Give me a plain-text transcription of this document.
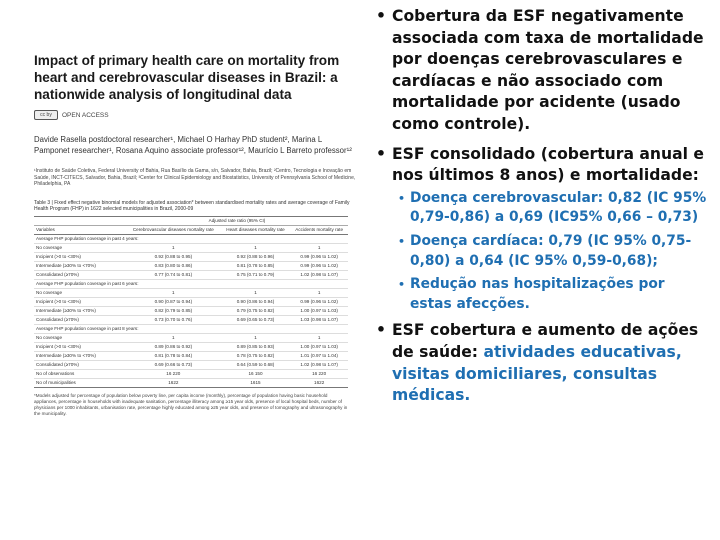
Impact of primary health care on mortality from heart and cerebrovascular diseases in Brazil: a nationwide analysis of longitudinal data
cc by	OPEN ACCESS
Davide Rasella postdoctoral researcher¹, Michael O Harhay PhD student², Marina L Pamponet researcher¹, Rosana Aquino associate professor¹², Maurício L Barreto professor¹²
¹Instituto de Saúde Coletiva, Federal University of Bahia, Rua Basílio da Gama, s/n, Salvador, Bahia, Brazil; ²Centro, Tecnologia e Inovação em Saúde, INCT-CITECS, Salvador, Bahia, Brazil; ³Center for Clinical Epidemiology and Biostatistics, University of Pennsylvania School of Medicine, Philadelphia, PA
Table 3 | Fixed effect negative binomial models for adjusted association* between standardised mortality rates and average coverage of Family Health Program (FHP) in 1622 selected municipalities in Brazil, 2000-09
	Adjusted rate ratio (95% CI)		
Variables	Cerebrovascular diseases mortality rate	Heart diseases mortality rate	Accidents mortality rate
Average FHP population coverage in past 4 years:			
No coverage	1	1	1
Incipient (>0 to <30%)	0.92 (0.88 to 0.95)	0.92 (0.88 to 0.96)	0.99 (0.96 to 1.02)
Intermediate (≥30% to <70%)	0.83 (0.80 to 0.86)	0.81 (0.78 to 0.85)	0.99 (0.96 to 1.02)
Consolidated (≥70%)	0.77 (0.74 to 0.81)	0.75 (0.71 to 0.79)	1.02 (0.98 to 1.07)
Average FHP population coverage in past 6 years:			
No coverage	1	1	1
Incipient (>0 to <30%)	0.90 (0.87 to 0.94)	0.90 (0.86 to 0.94)	0.99 (0.96 to 1.02)
Intermediate (≥30% to <70%)	0.82 (0.79 to 0.85)	0.79 (0.75 to 0.82)	1.00 (0.97 to 1.03)
Consolidated (≥70%)	0.73 (0.70 to 0.76)	0.69 (0.65 to 0.73)	1.03 (0.98 to 1.07)
Average FHP population coverage in past 8 years:			
No coverage	1	1	1
Incipient (>0 to <30%)	0.89 (0.86 to 0.92)	0.89 (0.85 to 0.93)	1.00 (0.97 to 1.03)
Intermediate (≥30% to <70%)	0.81 (0.78 to 0.84)	0.78 (0.75 to 0.82)	1.01 (0.97 to 1.04)
Consolidated (≥70%)	0.69 (0.66 to 0.73)	0.64 (0.59 to 0.68)	1.02 (0.98 to 1.07)
No of observations	16 220	16 150	16 220
No of municipalities	1622	1615	1622
*Models adjusted for percentage of population below poverty line, per capita income (monthly), percentage of population having basic household appliances, percentage in households with inadequate sanitation, percentage illiteracy among ≥15 year olds, presence of local hospital beds, number of physicians per 1000 inhabitants, urbanisation rate, percentage highly educated among ≥25 year olds, and presence of tomography and ultrasonography in the municipality.
• Cobertura da ESF negativamente associada com taxa de mortalidade por doenças cerebrovasculares e cardíacas e não associado com mortalidade por acidente (usado como controle).
• ESF consolidado (cobertura anual e nos últimos 8 anos) e mortalidade:
• Doença cerebrovascular: 0,82 (IC 95% 0,79-0,86) a 0,69 (IC95% 0,66 – 0,73)
• Doença cardíaca: 0,79 (IC 95% 0,75-0,80) a 0,64 (IC 95% 0,59-0,68);
• Redução nas hospitalizações por estas afecções.
• ESF cobertura e aumento de ações de saúde: atividades educativas, visitas domiciliares, consultas médicas.
